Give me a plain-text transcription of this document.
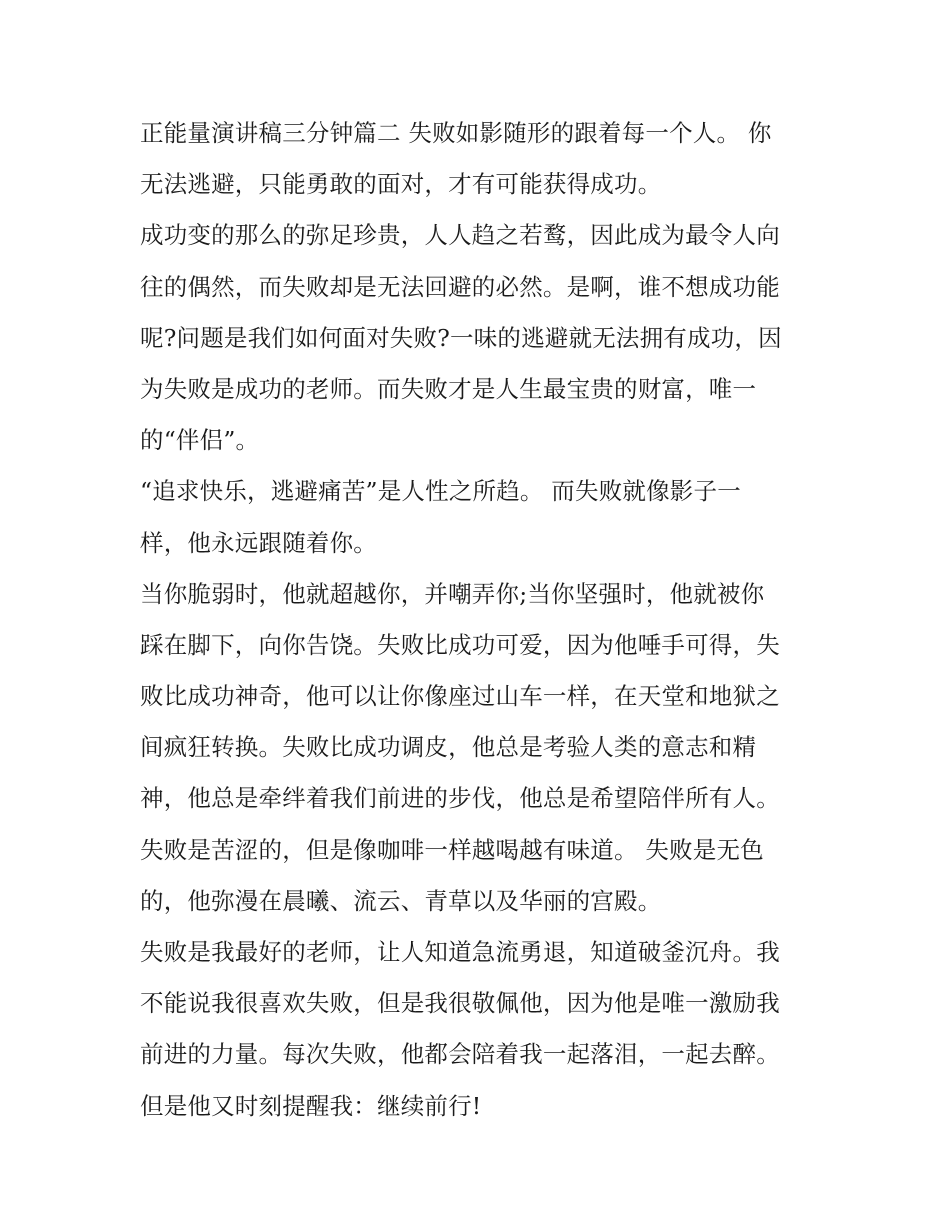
正能量演讲稿三分钟篇二 失败如影随形的跟着每一个人。 你
无法逃避，只能勇敢的面对，才有可能获得成功。
成功变的那么的弥足珍贵，人人趋之若鹜，因此成为最令人向
往的偶然，而失败却是无法回避的必然。是啊，谁不想成功能
呢?问题是我们如何面对失败?一味的逃避就无法拥有成功，因
为失败是成功的老师。而失败才是人生最宝贵的财富，唯一
的“伴侣”。
“追求快乐，逃避痛苦”是人性之所趋。 而失败就像影子一
样，他永远跟随着你。
当你脆弱时，他就超越你，并嘲弄你;当你坚强时，他就被你
踩在脚下，向你告饶。失败比成功可爱，因为他唾手可得，失
败比成功神奇，他可以让你像座过山车一样，在天堂和地狱之
间疯狂转换。失败比成功调皮，他总是考验人类的意志和精
神，他总是牵绊着我们前进的步伐，他总是希望陪伴所有人。
失败是苦涩的，但是像咖啡一样越喝越有味道。 失败是无色
的，他弥漫在晨曦、流云、青草以及华丽的宫殿。
失败是我最好的老师，让人知道急流勇退，知道破釜沉舟。我
不能说我很喜欢失败，但是我很敬佩他，因为他是唯一激励我
前进的力量。每次失败，他都会陪着我一起落泪，一起去醉。
但是他又时刻提醒我：继续前行!
